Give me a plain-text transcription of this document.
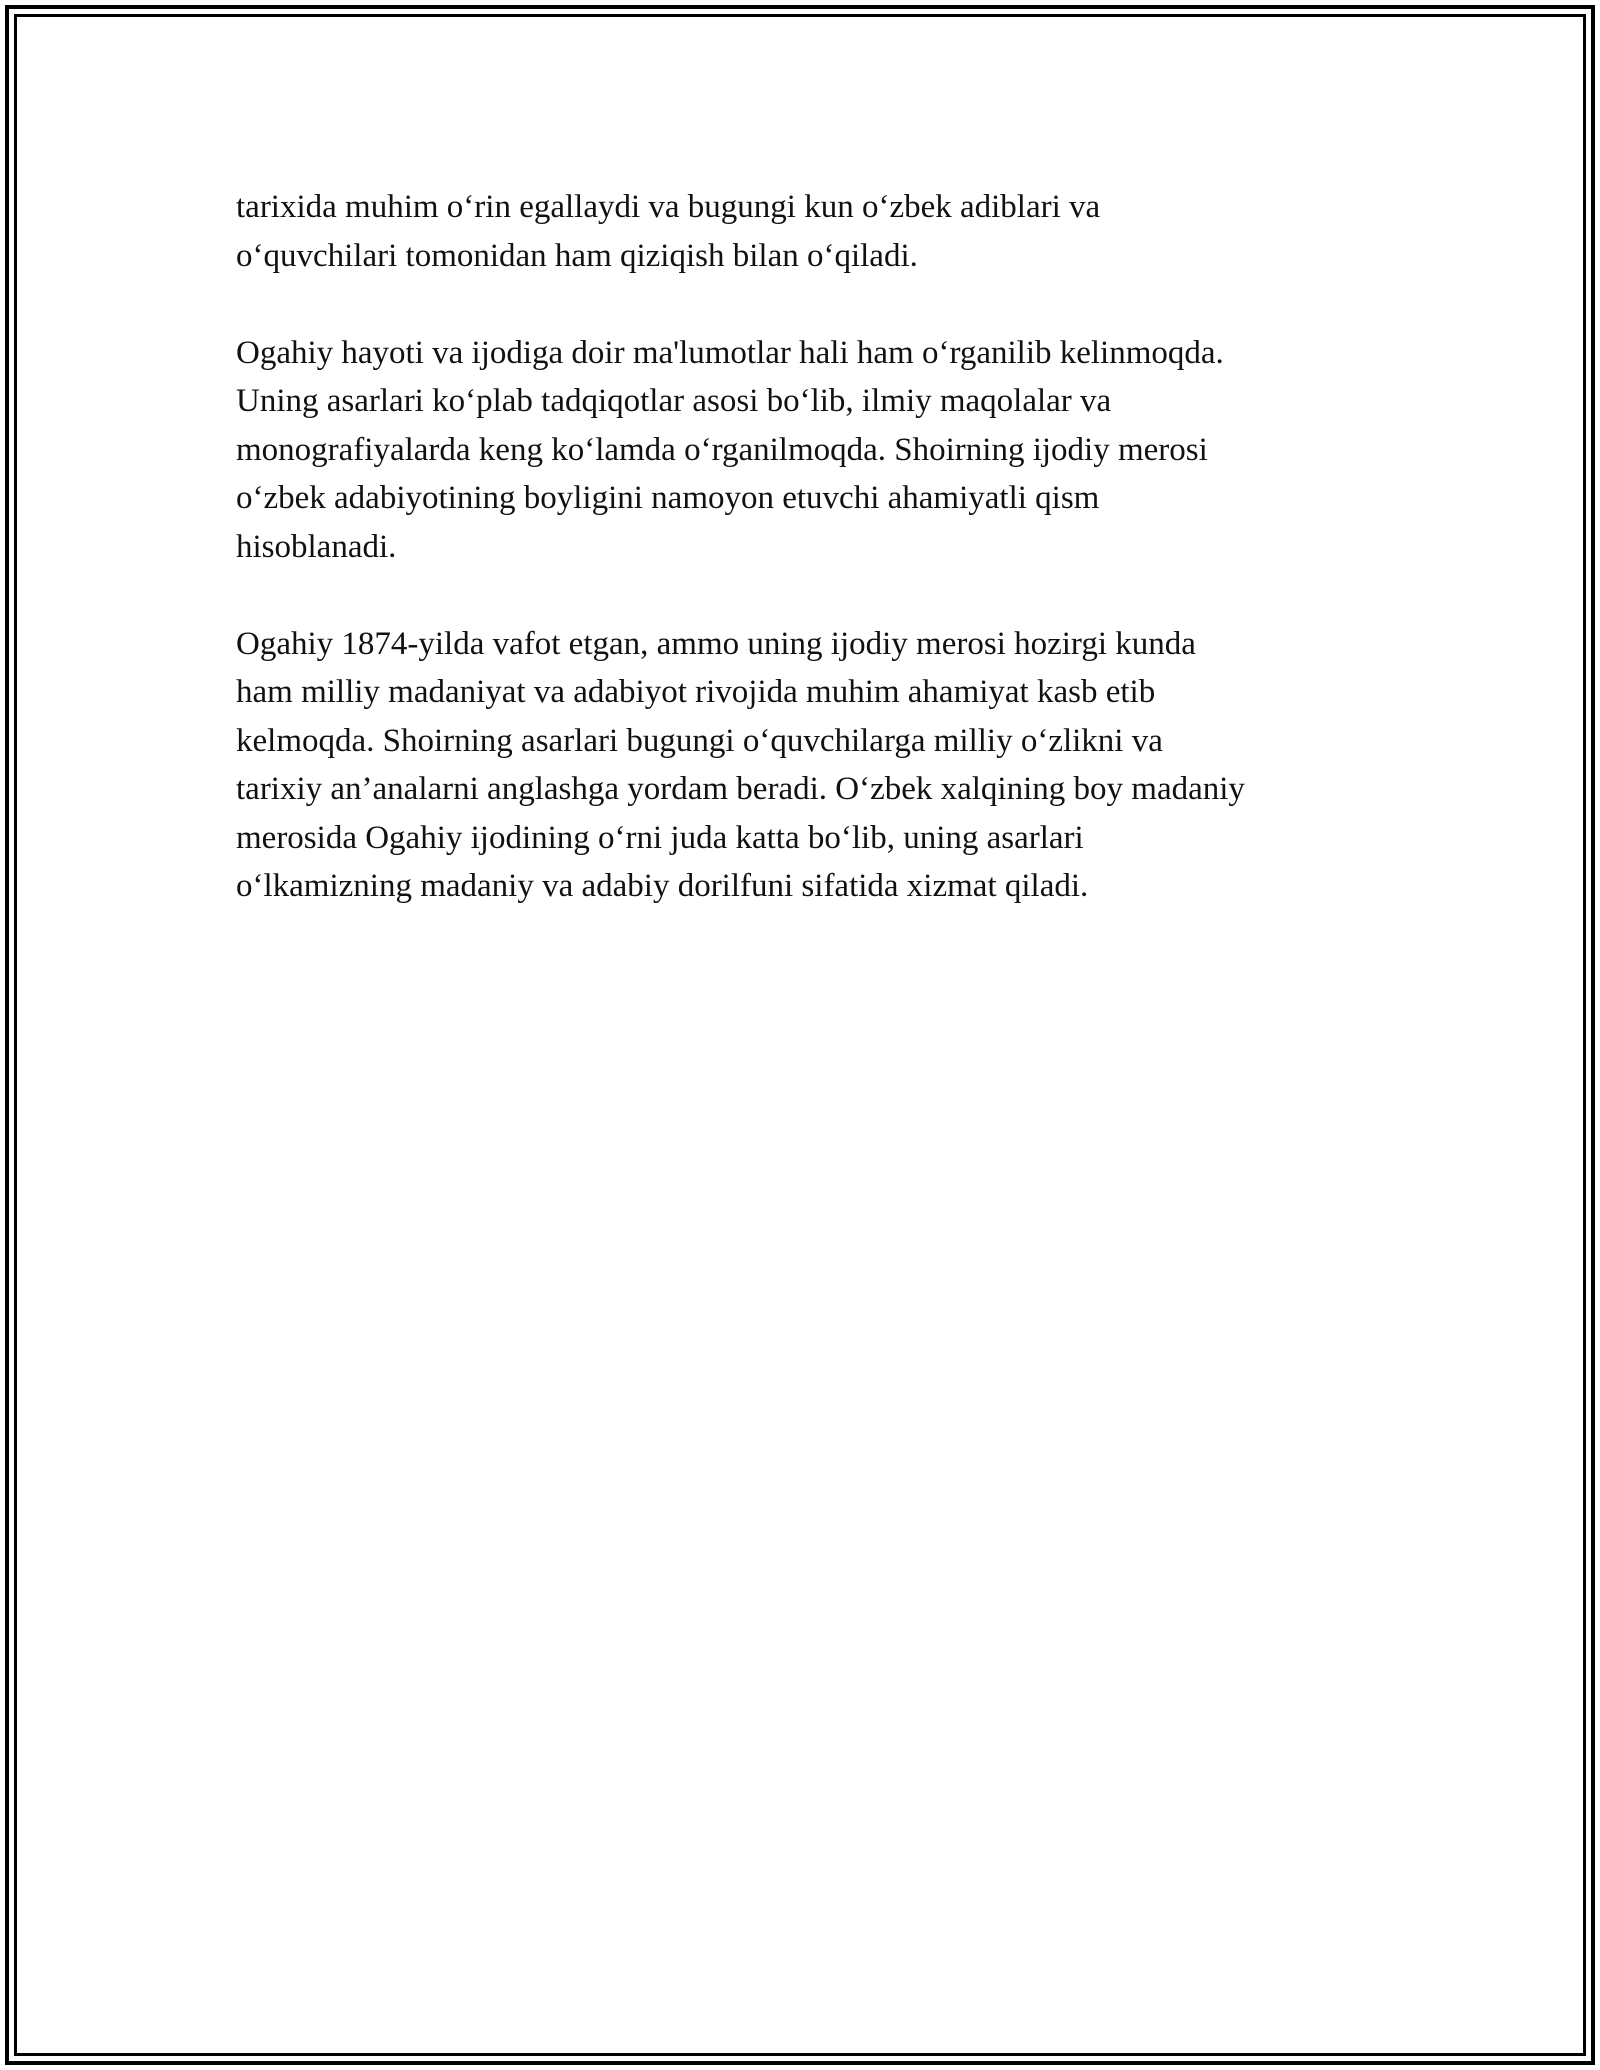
tarixida muhim o‘rin egallaydi va bugungi kun o‘zbek adiblari va
o‘quvchilari tomonidan ham qiziqish bilan o‘qiladi.

Ogahiy hayoti va ijodiga doir ma'lumotlar hali ham o‘rganilib kelinmoqda.
Uning asarlari ko‘plab tadqiqotlar asosi bo‘lib, ilmiy maqolalar va
monografiyalarda keng ko‘lamda o‘rganilmoqda. Shoirning ijodiy merosi
o‘zbek adabiyotining boyligini namoyon etuvchi ahamiyatli qism
hisoblanadi.

Ogahiy 1874-yilda vafot etgan, ammo uning ijodiy merosi hozirgi kunda
ham milliy madaniyat va adabiyot rivojida muhim ahamiyat kasb etib
kelmoqda. Shoirning asarlari bugungi o‘quvchilarga milliy o‘zlikni va
tarixiy an’analarni anglashga yordam beradi. O‘zbek xalqining boy madaniy
merosida Ogahiy ijodining o‘rni juda katta bo‘lib, uning asarlari
o‘lkamizning madaniy va adabiy dorilfuni sifatida xizmat qiladi.
